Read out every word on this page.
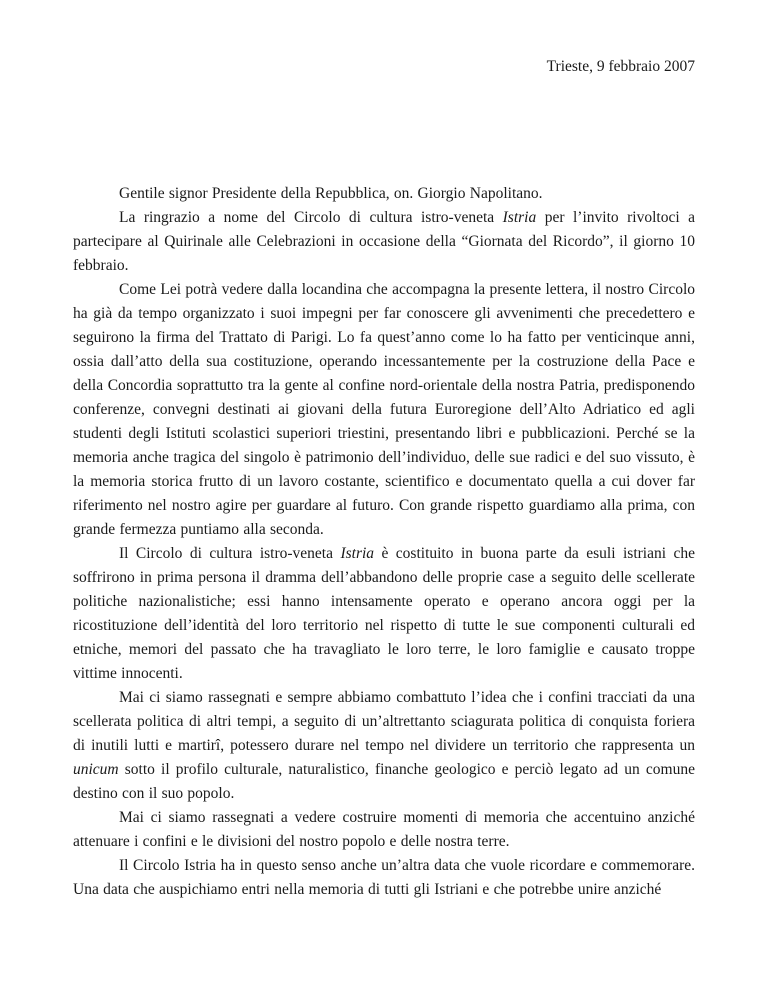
Trieste, 9 febbraio 2007

Gentile signor Presidente della Repubblica, on. Giorgio Napolitano.

La ringrazio a nome del Circolo di cultura istro-veneta Istria per l’invito rivoltoci a partecipare al Quirinale alle Celebrazioni in occasione della “Giornata del Ricordo”, il giorno 10 febbraio.

Come Lei potrà vedere dalla locandina che accompagna la presente lettera, il nostro Circolo ha già da tempo organizzato i suoi impegni per far conoscere gli avvenimenti che precedettero e seguirono la firma del Trattato di Parigi. Lo fa quest’anno come lo ha fatto per venticinque anni, ossia dall’atto della sua costituzione, operando incessantemente per la costruzione della Pace e della Concordia soprattutto tra la gente al confine nord-orientale della nostra Patria, predisponendo conferenze, convegni destinati ai giovani della futura Euroregione dell’Alto Adriatico ed agli studenti degli Istituti scolastici superiori triestini, presentando libri e pubblicazioni. Perché se la memoria anche tragica del singolo è patrimonio dell’individuo, delle sue radici e del suo vissuto, è la memoria storica frutto di un lavoro costante, scientifico e documentato quella a cui dover far riferimento nel nostro agire per guardare al futuro. Con grande rispetto guardiamo alla prima, con grande fermezza puntiamo alla seconda.

Il Circolo di cultura istro-veneta Istria è costituito in buona parte da esuli istriani che soffrirono in prima persona il dramma dell’abbandono delle proprie case a seguito delle scellerate politiche nazionalistiche; essi hanno intensamente operato e operano ancora oggi per la ricostituzione dell’identità del loro territorio nel rispetto di tutte le sue componenti culturali ed etniche, memori del passato che ha travagliato le loro terre, le loro famiglie e causato troppe vittime innocenti.

Mai ci siamo rassegnati e sempre abbiamo combattuto l’idea che i confini tracciati da una scellerata politica di altri tempi, a seguito di un’altrettanto sciagurata politica di conquista foriera di inutili lutti e martirî, potessero durare nel tempo nel dividere un territorio che rappresenta un unicum sotto il profilo culturale, naturalistico, finanche geologico e perciò legato ad un comune destino con il suo popolo.

Mai ci siamo rassegnati a vedere costruire momenti di memoria che accentuino anziché attenuare i confini e le divisioni del nostro popolo e delle nostra terre.

Il Circolo Istria ha in questo senso anche un’altra data che vuole ricordare e commemorare. Una data che auspichiamo entri nella memoria di tutti gli Istriani e che potrebbe unire anziché
